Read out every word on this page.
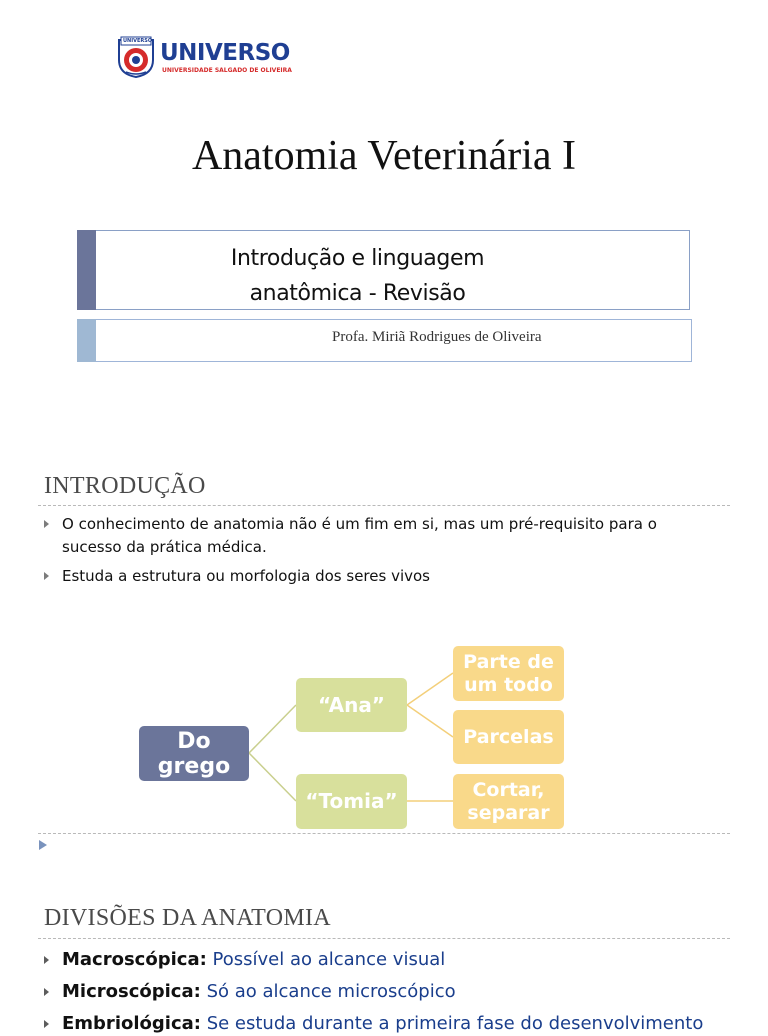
UNIVERSO UNIVERSO
UNIVERSIDADE SALGADO DE OLIVEIRA
Anatomia Veterinária I
Introdução e linguagem
anatômica - Revisão
Profa. Miriã Rodrigues de Oliveira
INTRODUÇÃO
O conhecimento de anatomia não é um fim em si, mas um pré-requisito para o sucesso da prática médica.
Estuda a estrutura ou morfologia dos seres vivos
Do grego
“Ana”
“Tomia”
Parte de um todo
Parcelas
Cortar, separar
DIVISÕES DA ANATOMIA
Macroscópica: Possível ao alcance visual
Microscópica: Só ao alcance microscópico
Embriológica: Se estuda durante a primeira fase do desenvolvimento
